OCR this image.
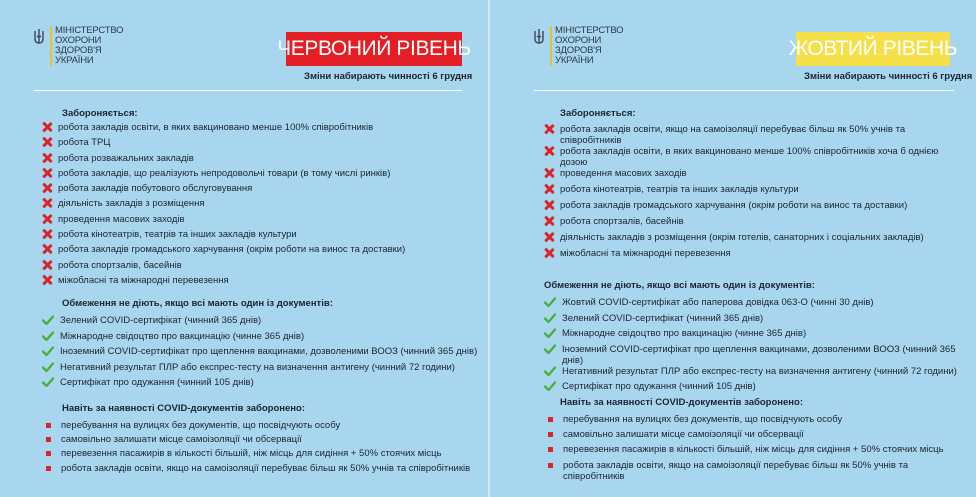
МІНІСТЕРСТВО
ОХОРОНИ
ЗДОРОВ'Я
УКРАЇНИ
ЧЕРВОНИЙ РІВЕНЬ
Зміни набирають чинності 6 грудня
Забороняється:
робота закладів освіти, в яких вакциновано менше 100% співробітників
робота ТРЦ
робота розважальних закладів
робота закладів, що реалізують непродовольчі товари (в тому числі ринків)
робота закладів побутового обслуговування
діяльність закладів з розміщення
проведення масових заходів
робота кінотеатрів, театрів та інших закладів культури
робота закладів громадського харчування (окрім роботи на винос та доставки)
робота спортзалів, басейнів
міжобласні та міжнародні перевезення
Обмеження не діють, якщо всі мають один із документів:
Зелений COVID-сертифікат (чинний 365 днів)
Міжнародне свідоцтво про вакцинацію (чинне 365 днів)
Іноземний COVID-сертифікат про щеплення вакцинами, дозволеними ВООЗ (чинний 365 днів)
Негативний результат ПЛР або експрес-тесту на визначення антигену (чинний 72 години)
Сертифікат про одужання (чинний 105 днів)
Навіть за наявності COVID-документів заборонено:
перебування на вулицях без документів, що посвідчують особу
самовільно залишати місце самоізоляції чи обсервації
перевезення пасажирів в кількості більшій, ніж місць для сидіння + 50% стоячих місць
робота закладів освіти, якщо на самоізоляції перебуває більш як 50% учнів та співробітників
МІНІСТЕРСТВО
ОХОРОНИ
ЗДОРОВ'Я
УКРАЇНИ
ЖОВТИЙ РІВЕНЬ
Зміни набирають чинності 6 грудня
Забороняється:
робота закладів освіти, якщо на самоізоляції перебуває більш як 50% учнів та співробітників
робота закладів освіти, в яких вакциновано менше 100% співробітників хоча б однією дозою
проведення масових заходів
робота кінотеатрів, театрів та інших закладів культури
робота закладів громадського харчування (окрім роботи на винос та доставки)
робота спортзалів, басейнів
діяльність закладів з розміщення (окрім готелів, санаторних і соціальних закладів)
міжобласні та міжнародні перевезення
Обмеження не діють, якщо всі мають один із документів:
Жовтий COVID-сертифікат або паперова довідка 063-О (чинні 30 днів)
Зелений COVID-сертифікат (чинний 365 днів)
Міжнародне свідоцтво про вакцинацію (чинне 365 днів)
Іноземний COVID-сертифікат про щеплення вакцинами, дозволеними ВООЗ (чинний 365 днів)
Негативний результат ПЛР або експрес-тесту на визначення антигену (чинний 72 години)
Сертифікат про одужання (чинний 105 днів)
Навіть за наявності COVID-документів заборонено:
перебування на вулицях без документів, що посвідчують особу
самовільно залишати місце самоізоляції чи обсервації
перевезення пасажирів в кількості більшій, ніж місць для сидіння + 50% стоячих місць
робота закладів освіти, якщо на самоізоляції перебуває більш як 50% учнів та співробітників
